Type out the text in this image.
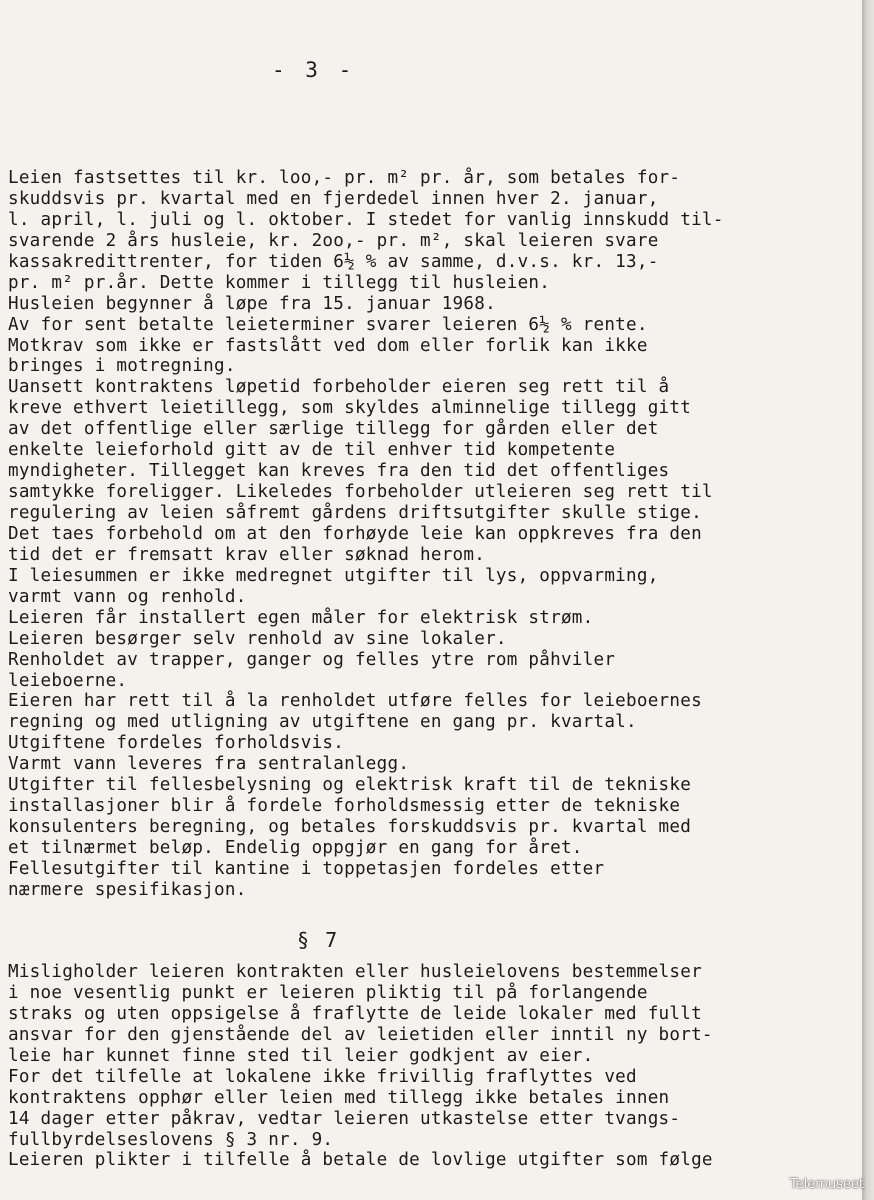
- 3 -
Leien fastsettes til kr. loo,- pr. m² pr. år, som betales for-
skuddsvis pr. kvartal med en fjerdedel innen hver 2. januar,
l. april, l. juli og l. oktober. I stedet for vanlig innskudd til-
svarende 2 års husleie, kr. 2oo,- pr. m², skal leieren svare
kassakredittrenter, for tiden 6½ % av samme, d.v.s. kr. 13,-
pr. m² pr.år. Dette kommer i tillegg til husleien.
Husleien begynner å løpe fra 15. januar 1968.
Av for sent betalte leieterminer svarer leieren 6½ % rente.
Motkrav som ikke er fastslått ved dom eller forlik kan ikke
bringes i motregning.
Uansett kontraktens løpetid forbeholder eieren seg rett til å
kreve ethvert leietillegg, som skyldes alminnelige tillegg gitt
av det offentlige eller særlige tillegg for gården eller det
enkelte leieforhold gitt av de til enhver tid kompetente
myndigheter. Tillegget kan kreves fra den tid det offentliges
samtykke foreligger. Likeledes forbeholder utleieren seg rett til
regulering av leien såfremt gårdens driftsutgifter skulle stige.
Det taes forbehold om at den forhøyde leie kan oppkreves fra den
tid det er fremsatt krav eller søknad herom.
I leiesummen er ikke medregnet utgifter til lys, oppvarming,
varmt vann og renhold.
Leieren får installert egen måler for elektrisk strøm.
Leieren besørger selv renhold av sine lokaler.
Renholdet av trapper, ganger og felles ytre rom påhviler
leieboerne.
Eieren har rett til å la renholdet utføre felles for leieboernes
regning og med utligning av utgiftene en gang pr. kvartal.
Utgiftene fordeles forholdsvis.
Varmt vann leveres fra sentralanlegg.
Utgifter til fellesbelysning og elektrisk kraft til de tekniske
installasjoner blir å fordele forholdsmessig etter de tekniske
konsulenters beregning, og betales forskuddsvis pr. kvartal med
et tilnærmet beløp. Endelig oppgjør en gang for året.
Fellesutgifter til kantine i toppetasjen fordeles etter
nærmere spesifikasjon.
§ 7
Misligholder leieren kontrakten eller husleielovens bestemmelser
i noe vesentlig punkt er leieren pliktig til på forlangende
straks og uten oppsigelse å fraflytte de leide lokaler med fullt
ansvar for den gjenstående del av leietiden eller inntil ny bort-
leie har kunnet finne sted til leier godkjent av eier.
For det tilfelle at lokalene ikke frivillig fraflyttes ved
kontraktens opphør eller leien med tillegg ikke betales innen
14 dager etter påkrav, vedtar leieren utkastelse etter tvangs-
fullbyrdelseslovens § 3 nr. 9.
Leieren plikter i tilfelle å betale de lovlige utgifter som følge
Telemuseet
